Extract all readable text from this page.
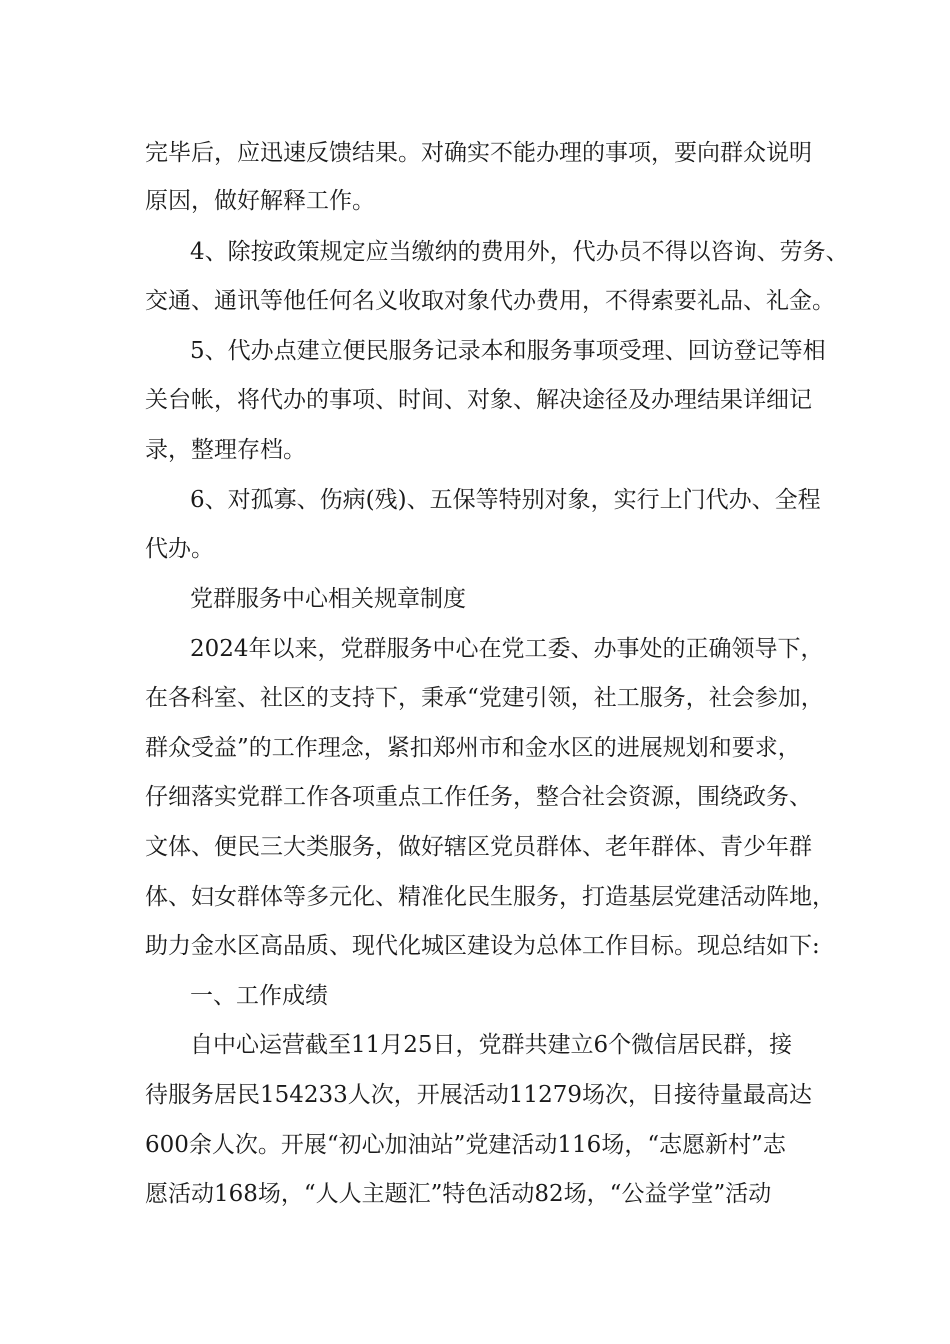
完毕后，应迅速反馈结果。对确实不能办理的事项，要向群众说明
原因，做好解释工作。
4、除按政策规定应当缴纳的费用外，代办员不得以咨询、劳务、
交通、通讯等他任何名义收取对象代办费用，不得索要礼品、礼金。
5、代办点建立便民服务记录本和服务事项受理、回访登记等相
关台帐，将代办的事项、时间、对象、解决途径及办理结果详细记
录，整理存档。
6、对孤寡、伤病(残)、五保等特别对象，实行上门代办、全程
代办。
党群服务中心相关规章制度
2024年以来，党群服务中心在党工委、办事处的正确领导下，
在各科室、社区的支持下，秉承“党建引领，社工服务，社会参加，
群众受益”的工作理念，紧扣郑州市和金水区的进展规划和要求，
仔细落实党群工作各项重点工作任务，整合社会资源，围绕政务、
文体、便民三大类服务，做好辖区党员群体、老年群体、青少年群
体、妇女群体等多元化、精准化民生服务，打造基层党建活动阵地，
助力金水区高品质、现代化城区建设为总体工作目标。现总结如下:
一、工作成绩
自中心运营截至11月25日，党群共建立6个微信居民群，接
待服务居民154233人次，开展活动11279场次，日接待量最高达
600余人次。开展“初心加油站”党建活动116场，“志愿新村”志
愿活动168场，“人人主题汇”特色活动82场，“公益学堂”活动
